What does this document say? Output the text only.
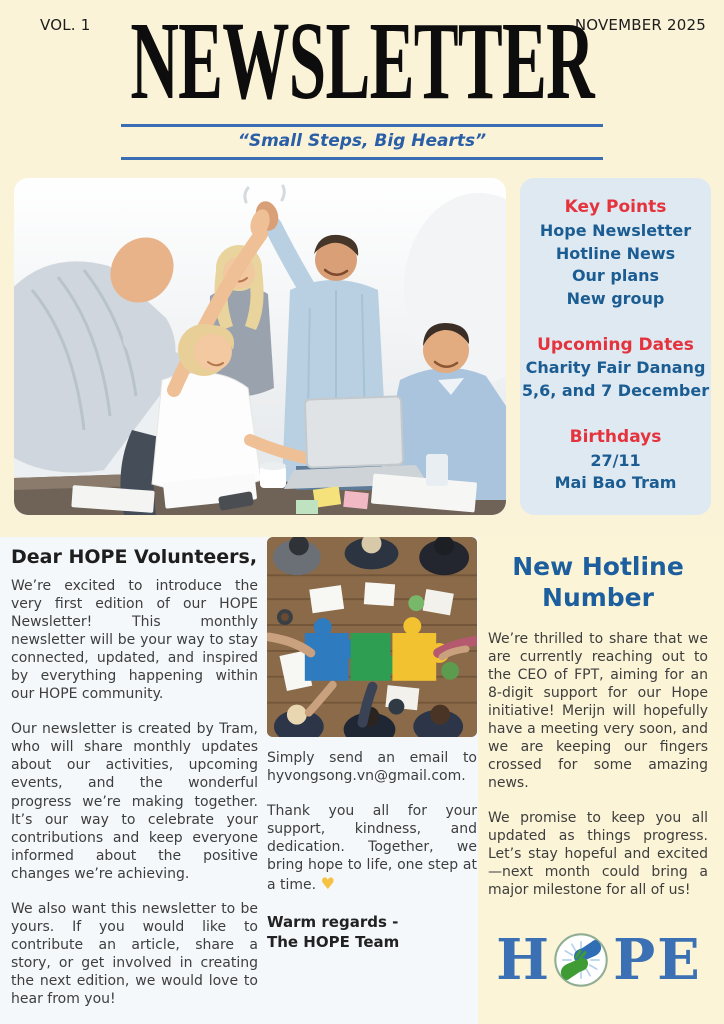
VOL. 1	NOVEMBER 2025
NEWSLETTER
“Small Steps, Big Hearts”
Key Points
Hope Newsletter
Hotline News
Our plans
New group
Upcoming Dates
Charity Fair Danang
5,6, and 7 December
Birthdays
27/11
Mai Bao Tram
Dear HOPE Volunteers,

We’re excited to introduce the very first edition of our HOPE Newsletter! This monthly newsletter will be your way to stay connected, updated, and inspired by everything happening within our HOPE community.

Our newsletter is created by Tram, who will share monthly updates about our activities, upcoming events, and the wonderful progress we’re making together. It’s our way to celebrate your contributions and keep everyone informed about the positive changes we’re achieving.

We also want this newsletter to be yours. If you would like to contribute an article, share a story, or get involved in creating the next edition, we would love to hear from you!

Simply send an email to hyvongsong.vn@gmail.com.

Thank you all for your support, kindness, and dedication. Together, we bring hope to life, one step at a time. ♥

Warm regards -
The HOPE Team

New Hotline Number

We’re thrilled to share that we are currently reaching out to the CEO of FPT, aiming for an 8-digit support for our Hope initiative! Merijn will hopefully have a meeting very soon, and we are keeping our fingers crossed for some amazing news.

We promise to keep you all updated as things progress. Let’s stay hopeful and excited—next month could bring a major milestone for all of us!

H P E
